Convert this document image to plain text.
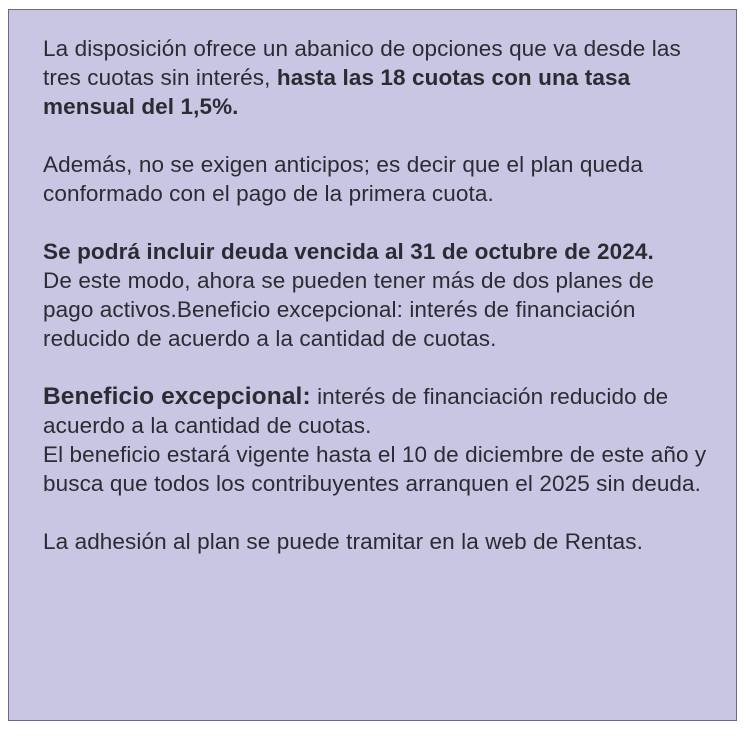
La disposición ofrece un abanico de opciones que va desde las tres cuotas sin interés, hasta las 18 cuotas con una tasa mensual del 1,5%.

Además, no se exigen anticipos; es decir que el plan queda conformado con el pago de la primera cuota.

Se podrá incluir deuda vencida al 31 de octubre de 2024.
De este modo, ahora se pueden tener más de dos planes de pago activos.Beneficio excepcional: interés de financiación reducido de acuerdo a la cantidad de cuotas.

Beneficio excepcional: interés de financiación reducido de acuerdo a la cantidad de cuotas.
El beneficio estará vigente hasta el 10 de diciembre de este año y busca que todos los contribuyentes arranquen el 2025 sin deuda.

La adhesión al plan se puede tramitar en la web de Rentas.
